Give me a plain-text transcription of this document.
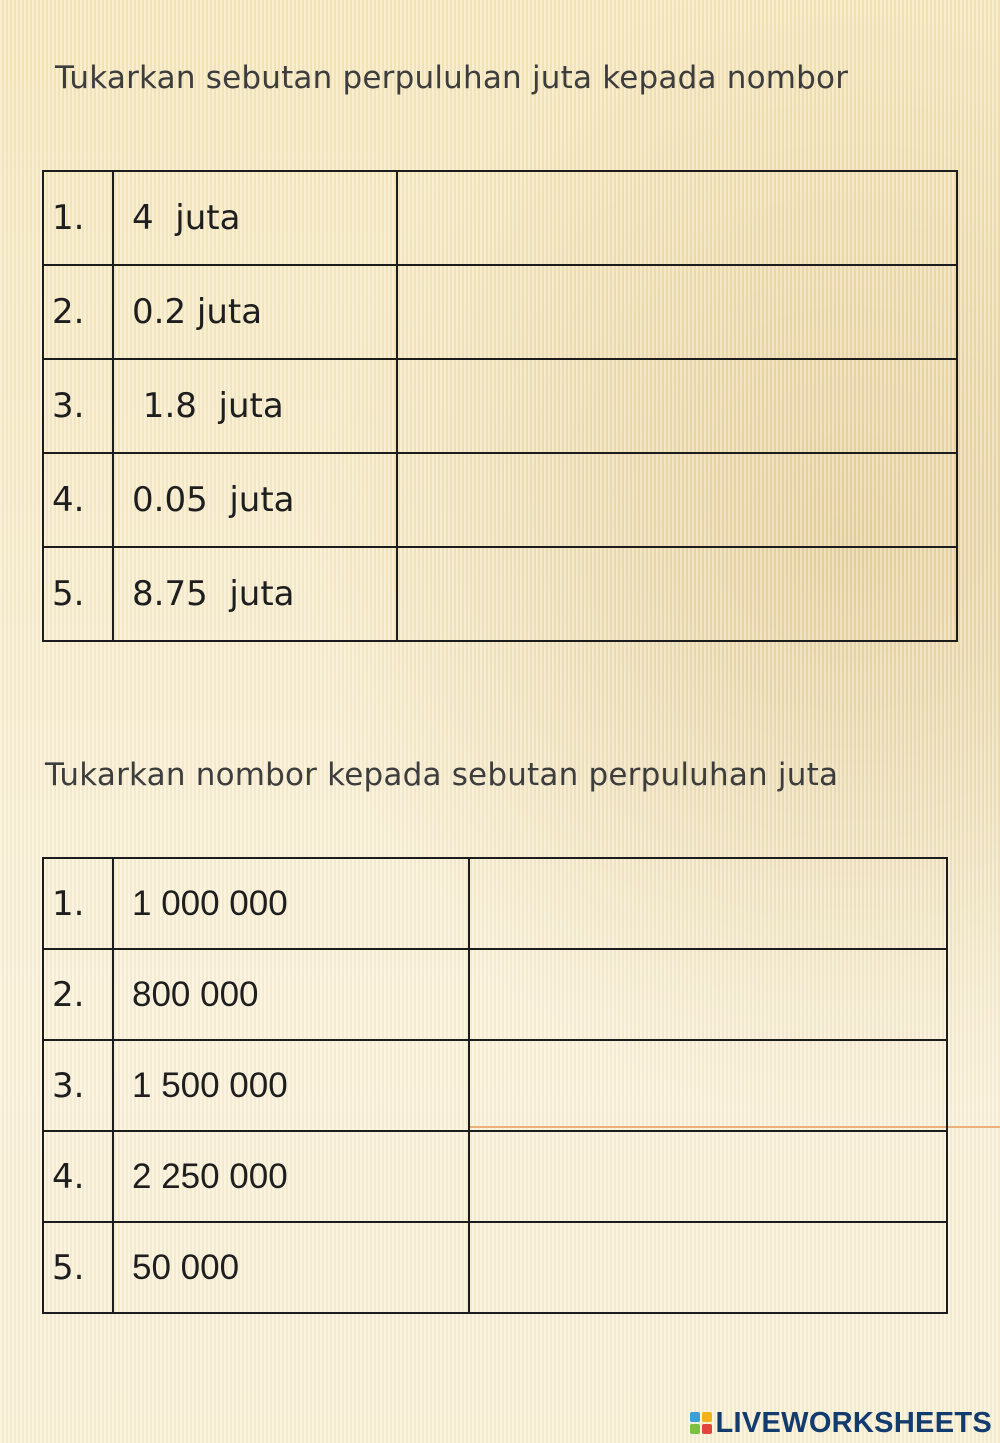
Tukarkan sebutan perpuluhan juta kepada nombor
1.	4  juta	
2.	0.2 juta	
3.	1.8  juta	
4.	0.05  juta	
5.	8.75  juta	
Tukarkan nombor kepada sebutan perpuluhan juta
1.	1 000 000	
2.	800 000	
3.	1 500 000	
4.	2 250 000	
5.	50 000	
LIVEWORKSHEETS
